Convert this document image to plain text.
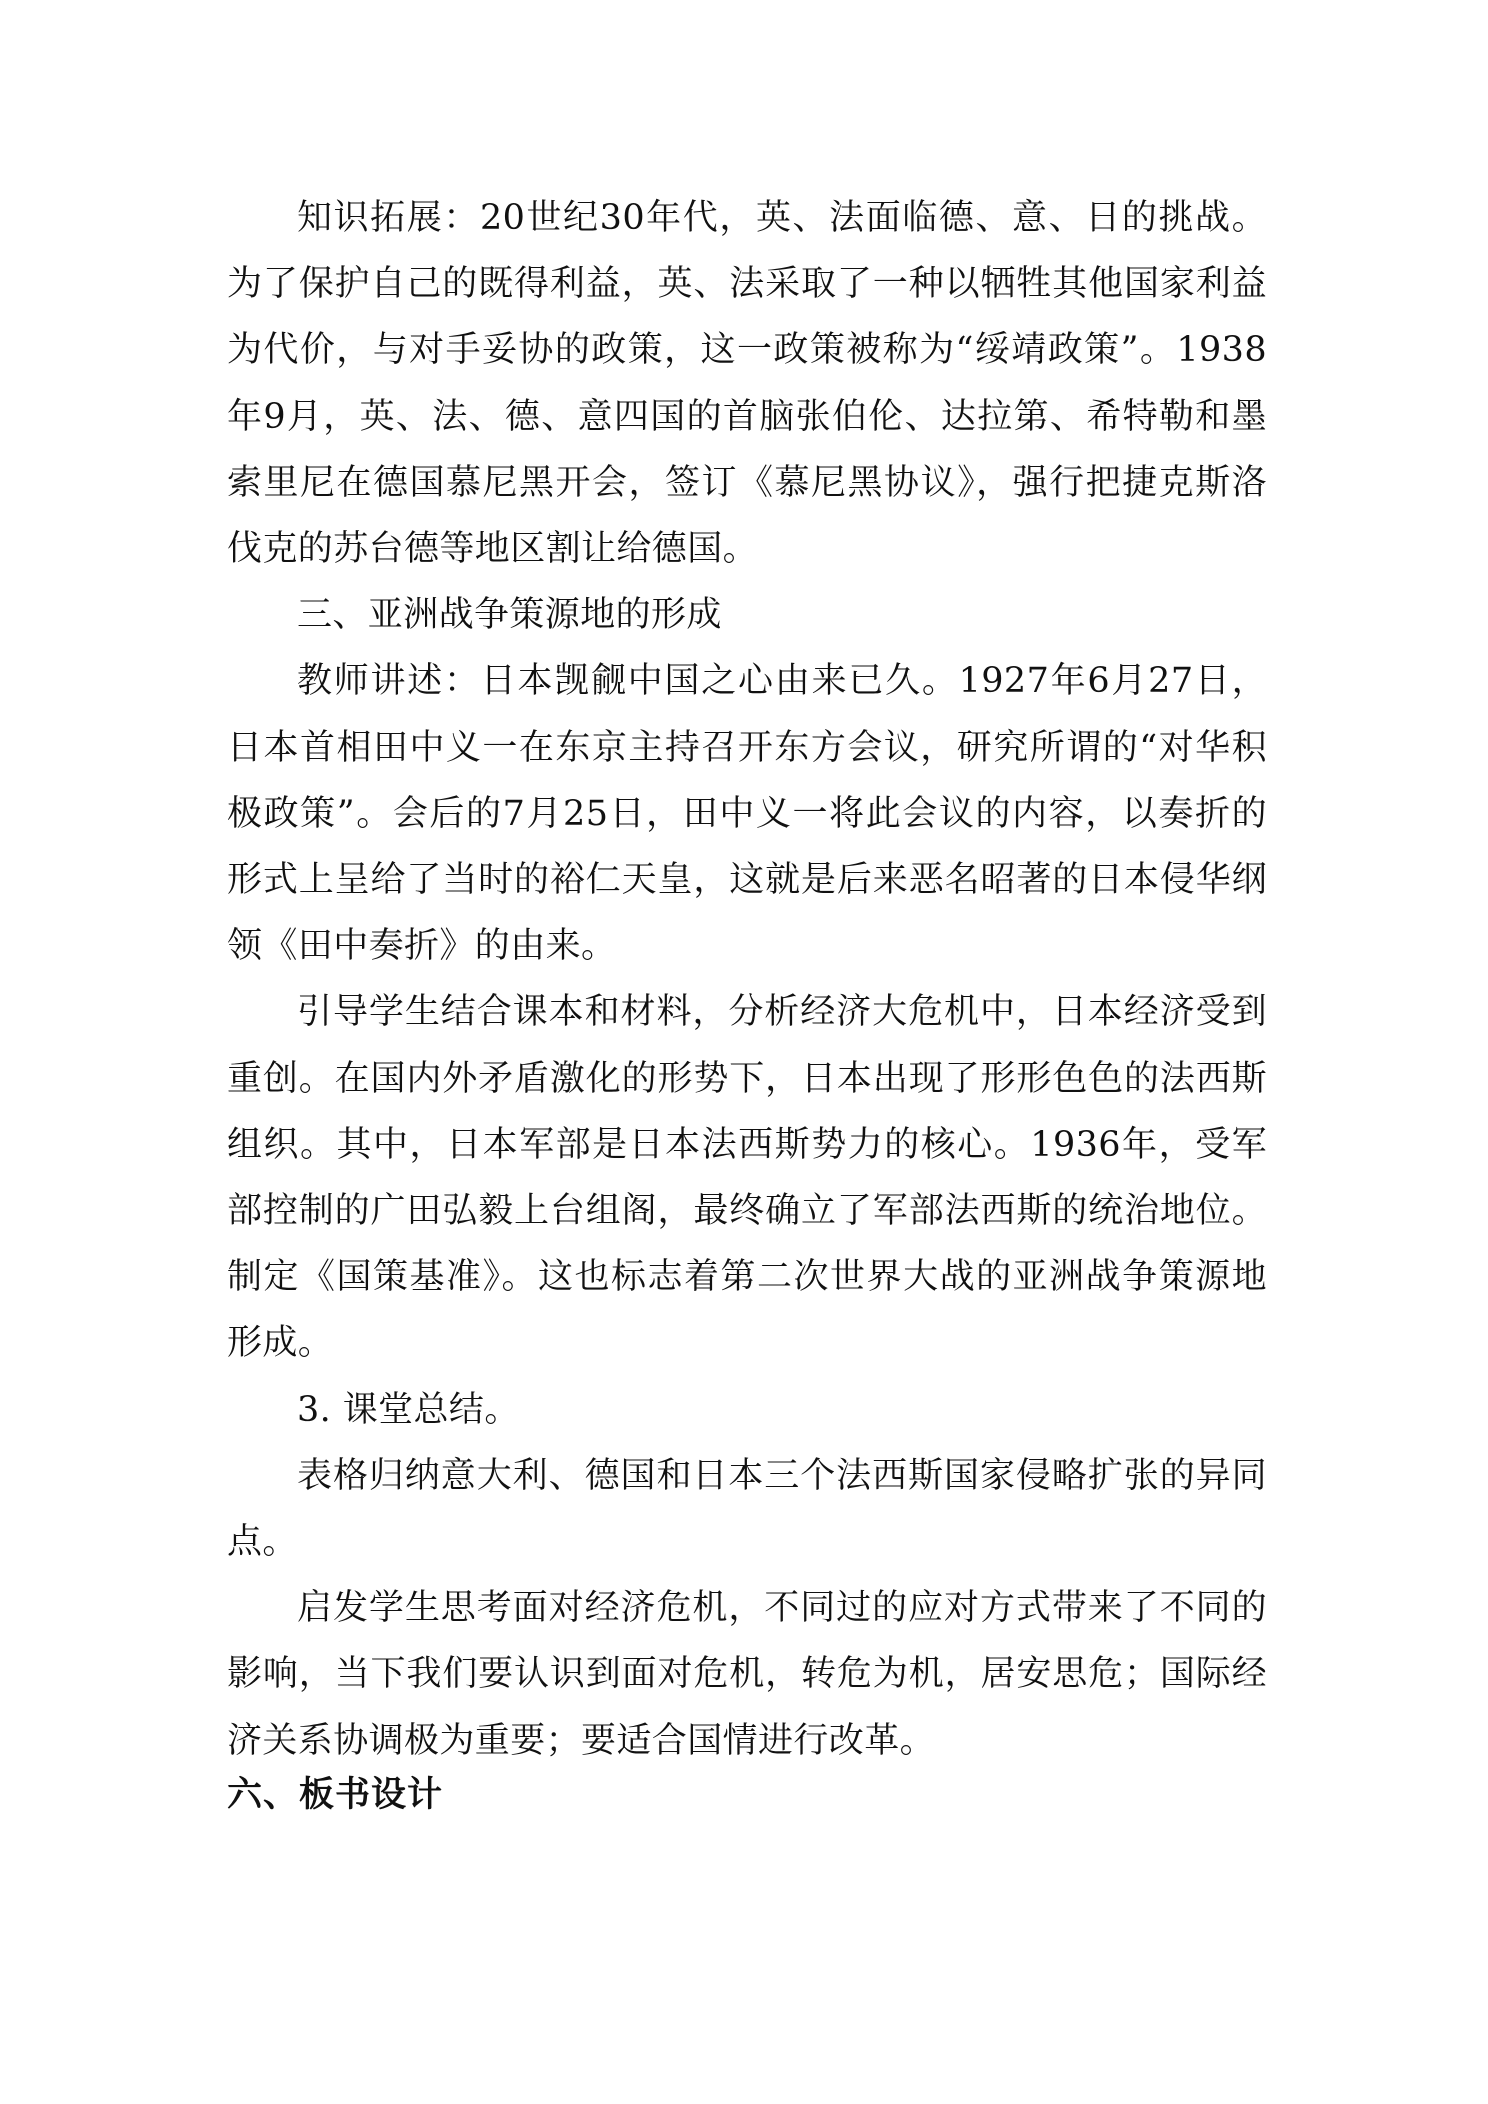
知识拓展：20世纪30年代，英、法面临德、意、日的挑战。为了保护自己的既得利益，英、法采取了一种以牺牲其他国家利益为代价，与对手妥协的政策，这一政策被称为“绥靖政策”。1938年9月，英、法、德、意四国的首脑张伯伦、达拉第、希特勒和墨索里尼在德国慕尼黑开会，签订《慕尼黑协议》，强行把捷克斯洛伐克的苏台德等地区割让给德国。

三、亚洲战争策源地的形成

教师讲述：日本觊觎中国之心由来已久。1927年6月27日，日本首相田中义一在东京主持召开东方会议，研究所谓的“对华积极政策”。会后的7月25日，田中义一将此会议的内容，以奏折的形式上呈给了当时的裕仁天皇，这就是后来恶名昭著的日本侵华纲领《田中奏折》的由来。

引导学生结合课本和材料，分析经济大危机中，日本经济受到重创。在国内外矛盾激化的形势下，日本出现了形形色色的法西斯组织。其中，日本军部是日本法西斯势力的核心。1936年，受军部控制的广田弘毅上台组阁，最终确立了军部法西斯的统治地位。制定《国策基准》。这也标志着第二次世界大战的亚洲战争策源地形成。

3. 课堂总结。

表格归纳意大利、德国和日本三个法西斯国家侵略扩张的异同点。

启发学生思考面对经济危机，不同过的应对方式带来了不同的影响，当下我们要认识到面对危机，转危为机，居安思危；国际经济关系协调极为重要；要适合国情进行改革。

六、板书设计
